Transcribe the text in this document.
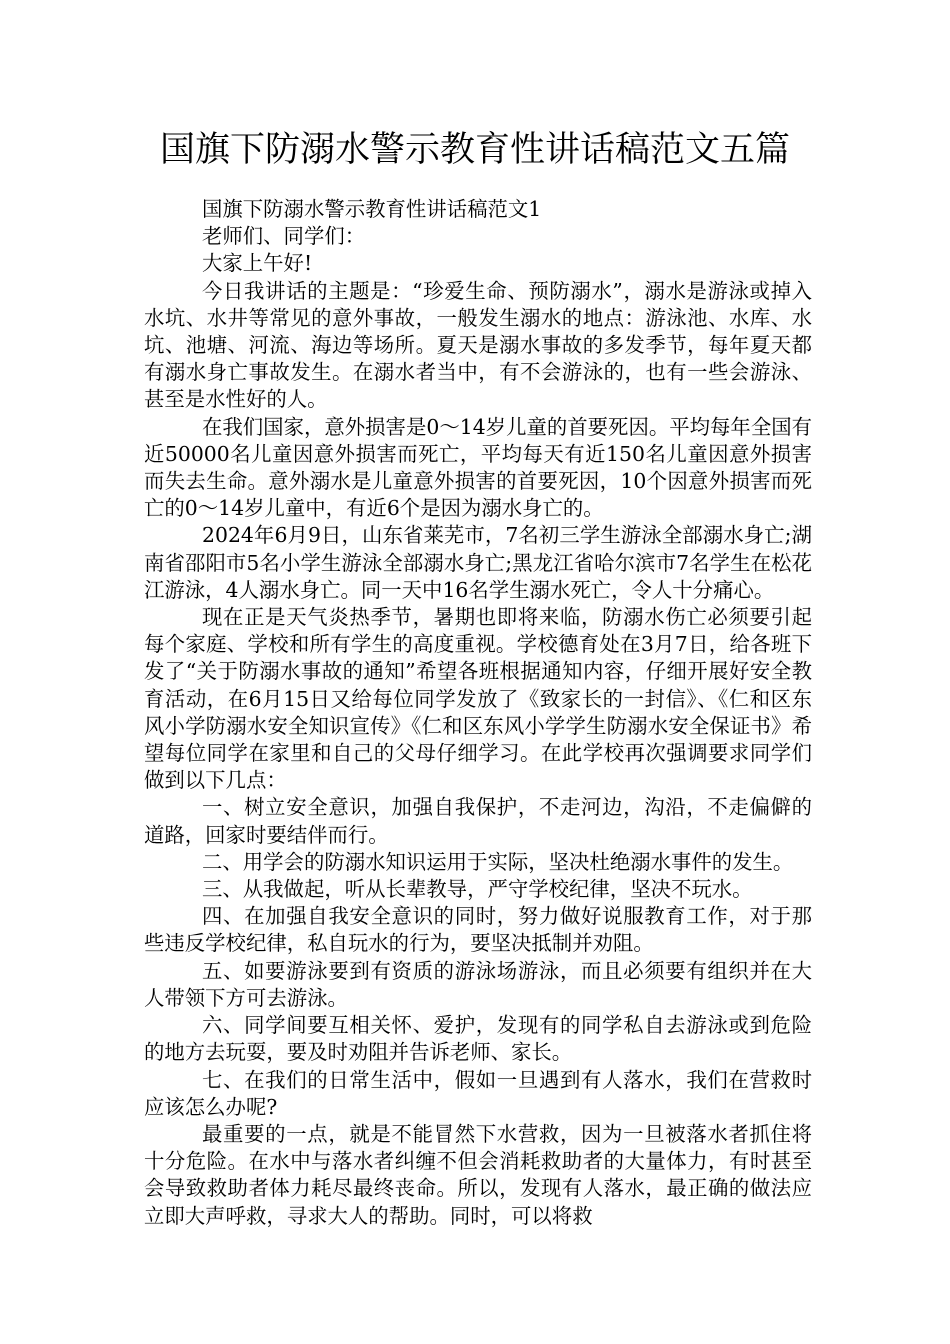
国旗下防溺水警示教育性讲话稿范文五篇

国旗下防溺水警示教育性讲话稿范文1

老师们、同学们：

大家上午好!

今日我讲话的主题是：“珍爱生命、预防溺水”，溺水是游泳或掉入水坑、水井等常见的意外事故，一般发生溺水的地点：游泳池、水库、水坑、池塘、河流、海边等场所。夏天是溺水事故的多发季节，每年夏天都有溺水身亡事故发生。在溺水者当中，有不会游泳的，也有一些会游泳、甚至是水性好的人。

在我们国家，意外损害是0～14岁儿童的首要死因。平均每年全国有近50000名儿童因意外损害而死亡，平均每天有近150名儿童因意外损害而失去生命。意外溺水是儿童意外损害的首要死因，10个因意外损害而死亡的0～14岁儿童中，有近6个是因为溺水身亡的。

2024年6月9日，山东省莱芜市，7名初三学生游泳全部溺水身亡;湖南省邵阳市5名小学生游泳全部溺水身亡;黑龙江省哈尔滨市7名学生在松花江游泳，4人溺水身亡。同一天中16名学生溺水死亡，令人十分痛心。

现在正是天气炎热季节，暑期也即将来临，防溺水伤亡必须要引起每个家庭、学校和所有学生的高度重视。学校德育处在3月7日，给各班下发了“关于防溺水事故的通知”希望各班根据通知内容，仔细开展好安全教育活动，在6月15日又给每位同学发放了《致家长的一封信》、《仁和区东风小学防溺水安全知识宣传》《仁和区东风小学学生防溺水安全保证书》希望每位同学在家里和自己的父母仔细学习。在此学校再次强调要求同学们做到以下几点：

一、树立安全意识，加强自我保护，不走河边，沟沿，不走偏僻的道路，回家时要结伴而行。

二、用学会的防溺水知识运用于实际，坚决杜绝溺水事件的发生。

三、从我做起，听从长辈教导，严守学校纪律，坚决不玩水。

四、在加强自我安全意识的同时，努力做好说服教育工作，对于那些违反学校纪律，私自玩水的行为，要坚决抵制并劝阻。

五、如要游泳要到有资质的游泳场游泳，而且必须要有组织并在大人带领下方可去游泳。

六、同学间要互相关怀、爱护，发现有的同学私自去游泳或到危险的地方去玩耍，要及时劝阻并告诉老师、家长。

七、在我们的日常生活中，假如一旦遇到有人落水，我们在营救时应该怎么办呢?

最重要的一点，就是不能冒然下水营救，因为一旦被落水者抓住将十分危险。在水中与落水者纠缠不但会消耗救助者的大量体力，有时甚至会导致救助者体力耗尽最终丧命。所以，发现有人落水，最正确的做法应立即大声呼救，寻求大人的帮助。同时，可以将救
